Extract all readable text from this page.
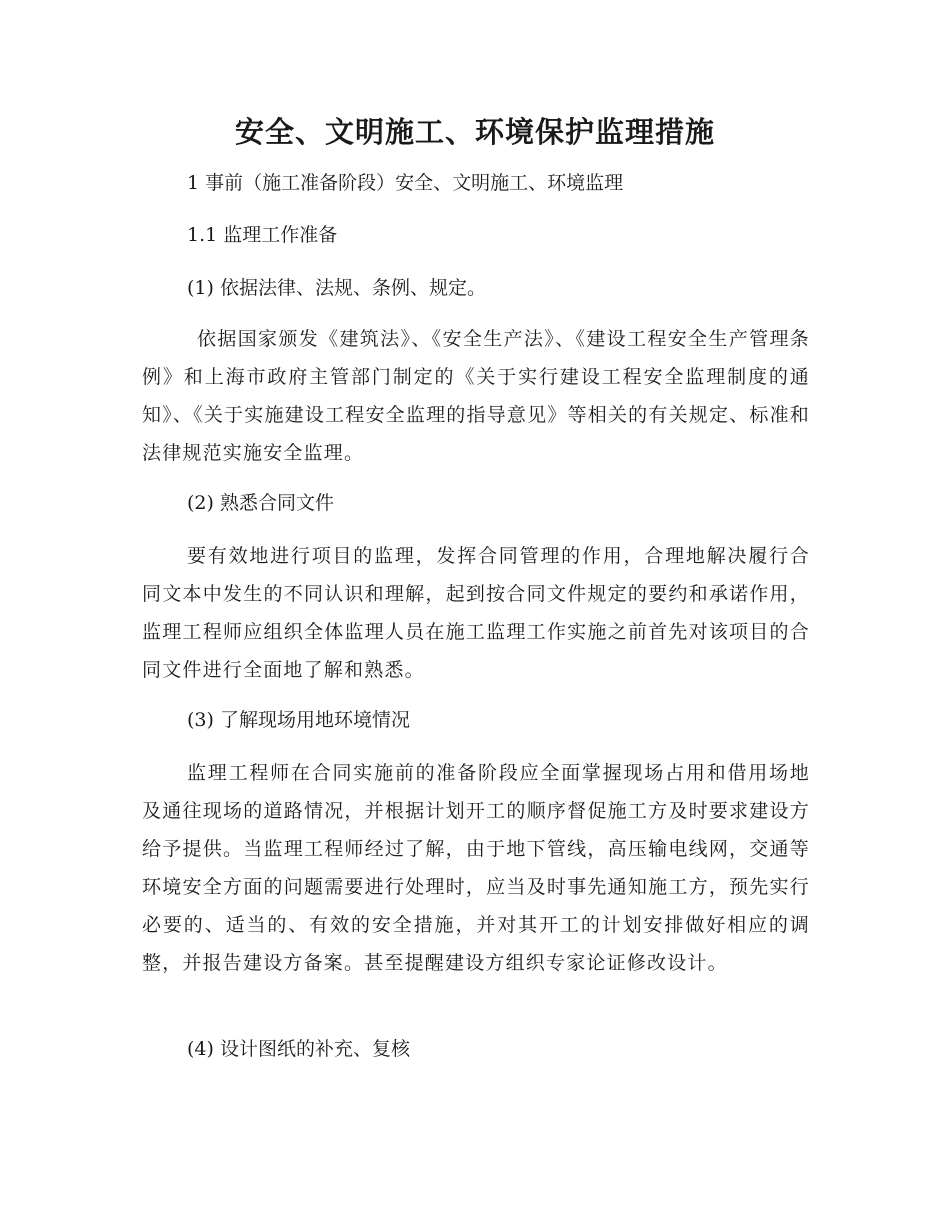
安全、文明施工、环境保护监理措施

1 事前（施工准备阶段）安全、文明施工、环境监理

1.1 监理工作准备

(1) 依据法律、法规、条例、规定。

依据国家颁发《建筑法》、《安全生产法》、《建设工程安全生产管理条例》和上海市政府主管部门制定的《关于实行建设工程安全监理制度的通知》、《关于实施建设工程安全监理的指导意见》等相关的有关规定、标准和法律规范实施安全监理。

(2) 熟悉合同文件

要有效地进行项目的监理，发挥合同管理的作用，合理地解决履行合同文本中发生的不同认识和理解，起到按合同文件规定的要约和承诺作用，监理工程师应组织全体监理人员在施工监理工作实施之前首先对该项目的合同文件进行全面地了解和熟悉。

(3) 了解现场用地环境情况

监理工程师在合同实施前的准备阶段应全面掌握现场占用和借用场地及通往现场的道路情况，并根据计划开工的顺序督促施工方及时要求建设方给予提供。当监理工程师经过了解，由于地下管线，高压输电线网，交通等环境安全方面的问题需要进行处理时，应当及时事先通知施工方，预先实行必要的、适当的、有效的安全措施，并对其开工的计划安排做好相应的调整，并报告建设方备案。甚至提醒建设方组织专家论证修改设计。

(4) 设计图纸的补充、复核
